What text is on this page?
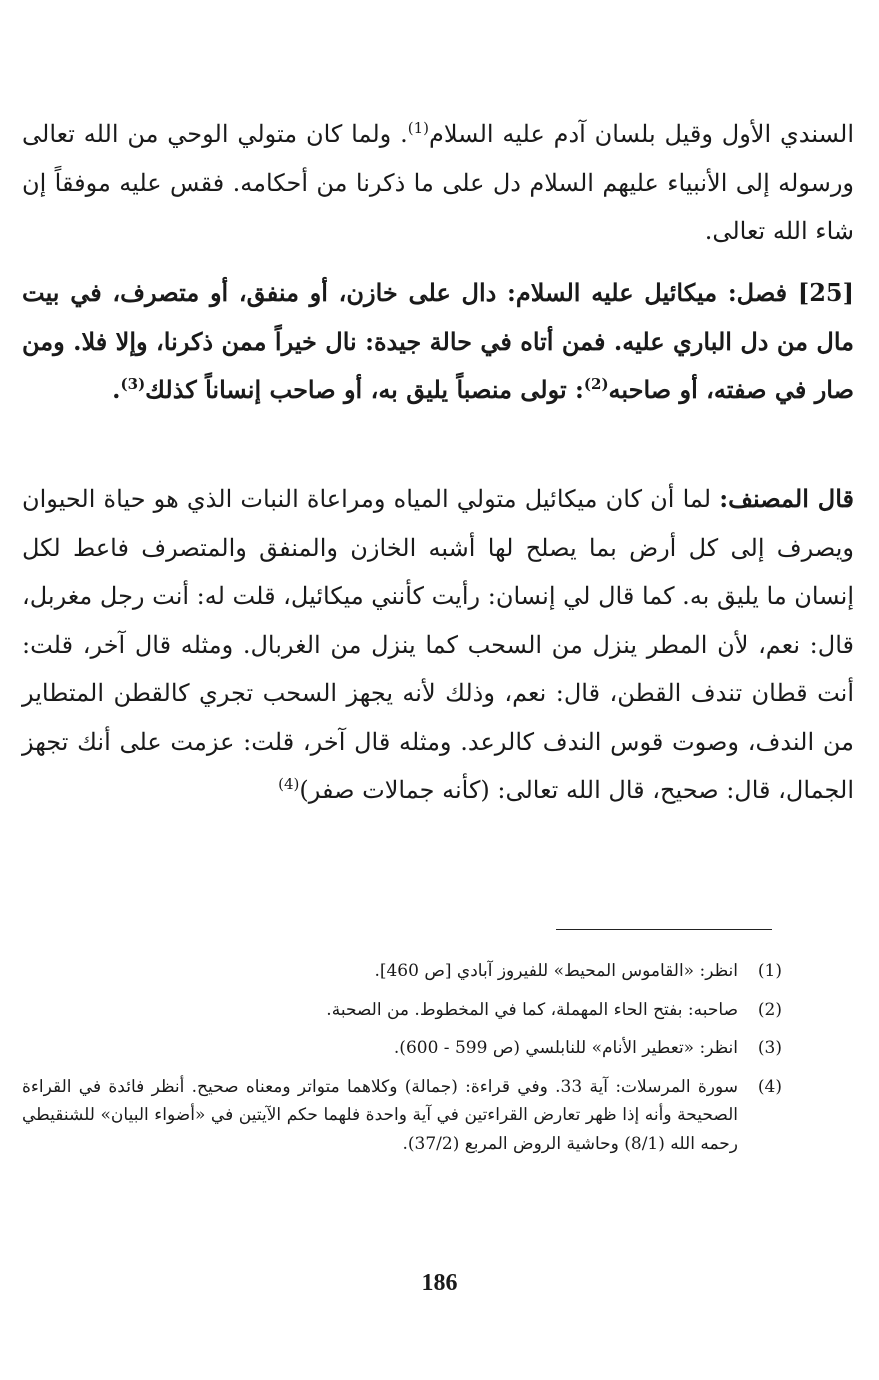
السندي الأول وقيل بلسان آدم عليه السلام$^{(1)}$. ولما كان متولي الوحي من الله تعالى ورسوله إلى الأنبياء عليهم السلام دل على ما ذكرنا من أحكامه. فقس عليه موفقاً إن شاء الله تعالى.

[25] فصل: ميكائيل عليه السلام: دال على خازن، أو منفق، أو متصرف، في بيت مال من دل الباري عليه. فمن أتاه في حالة جيدة: نال خيراً ممن ذكرنا، وإلا فلا. ومن صار في صفته، أو صاحبه$^{(2)}$: تولى منصباً يليق به، أو صاحب إنساناً كذلك$^{(3)}$.

قال المصنف: لما أن كان ميكائيل متولي المياه ومراعاة النبات الذي هو حياة الحيوان ويصرف إلى كل أرض بما يصلح لها أشبه الخازن والمنفق والمتصرف فاعط لكل إنسان ما يليق به. كما قال لي إنسان: رأيت كأنني ميكائيل، قلت له: أنت رجل مغربل، قال: نعم، لأن المطر ينزل من السحب كما ينزل من الغربال. ومثله قال آخر، قلت: أنت قطان تندف القطن، قال: نعم، وذلك لأنه يجهز السحب تجري كالقطن المتطاير من الندف، وصوت قوس الندف كالرعد. ومثله قال آخر، قلت: عزمت على أنك تجهز الجمال، قال: صحيح، قال الله تعالى: (كأنه جمالات صفر)$^{(4)}$

(1)
انظر: «القاموس المحيط» للفيروز آبادي [ص 460].
(2)
صاحبه: بفتح الحاء المهملة، كما في المخطوط. من الصحبة.
(3)
انظر: «تعطير الأنام» للنابلسي (ص 599 - 600).
(4)
سورة المرسلات: آية 33. وفي قراءة: (جمالة) وكلاهما متواتر ومعناه صحيح. أنظر فائدة في القراءة الصحيحة وأنه إذا ظهر تعارض القراءتين في آية واحدة فلهما حكم الآيتين في «أضواء البيان» للشنقيطي رحمه الله (8/1) وحاشية الروض المربع (37/2).
186
